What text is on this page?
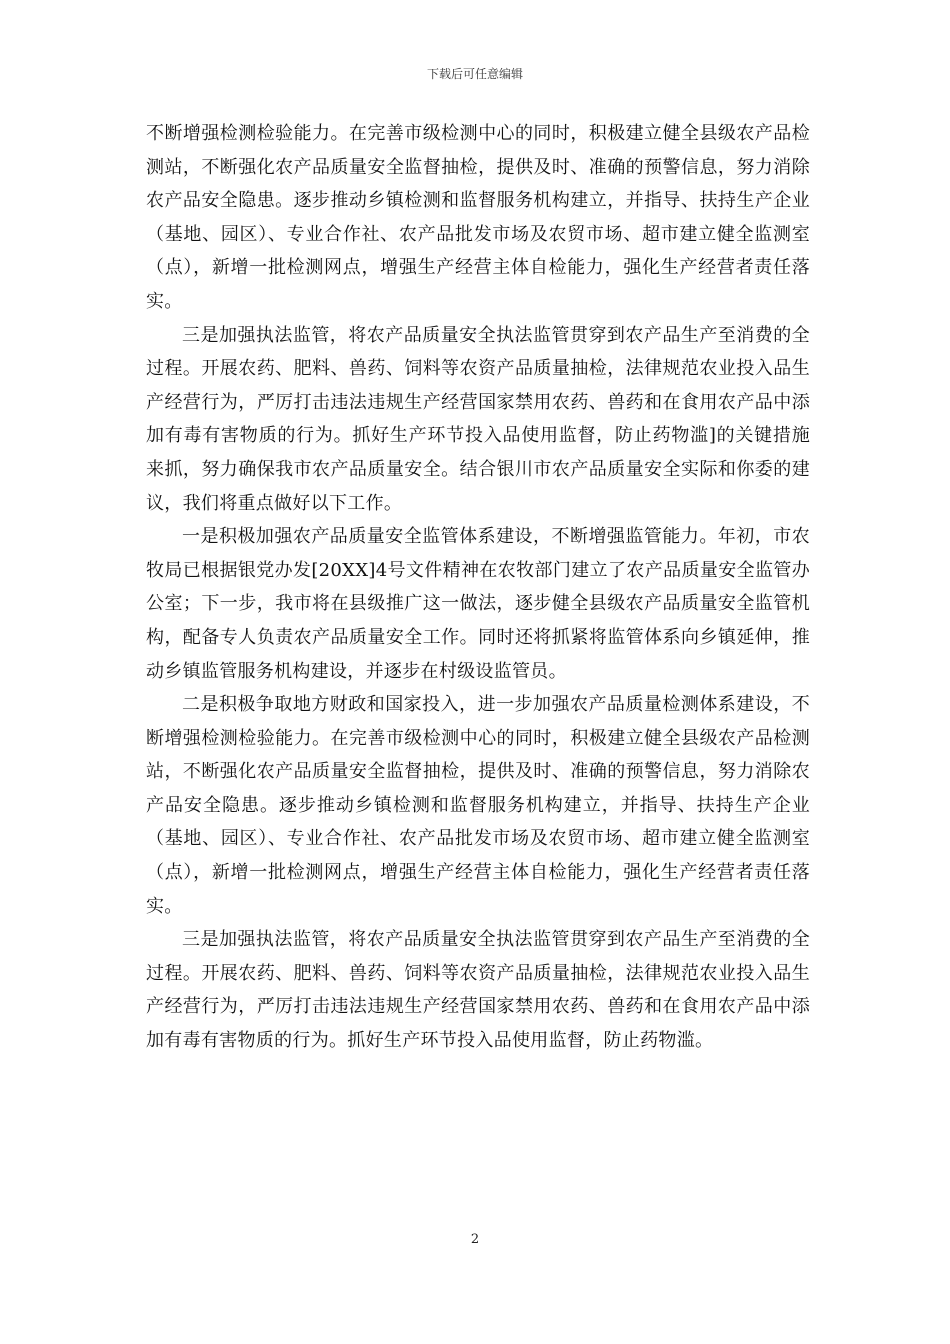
下载后可任意编辑

不断增强检测检验能力。在完善市级检测中心的同时，积极建立健全县级农产品检测站，不断强化农产品质量安全监督抽检，提供及时、准确的预警信息，努力消除农产品安全隐患。逐步推动乡镇检测和监督服务机构建立，并指导、扶持生产企业（基地、园区）、专业合作社、农产品批发市场及农贸市场、超市建立健全监测室（点），新增一批检测网点，增强生产经营主体自检能力，强化生产经营者责任落实。

三是加强执法监管，将农产品质量安全执法监管贯穿到农产品生产至消费的全过程。开展农药、肥料、兽药、饲料等农资产品质量抽检，法律规范农业投入品生产经营行为，严厉打击违法违规生产经营国家禁用农药、兽药和在食用农产品中添加有毒有害物质的行为。抓好生产环节投入品使用监督，防止药物滥]的关键措施来抓，努力确保我市农产品质量安全。结合银川市农产品质量安全实际和你委的建议，我们将重点做好以下工作。

一是积极加强农产品质量安全监管体系建设，不断增强监管能力。年初，市农牧局已根据银党办发[20XX]4号文件精神在农牧部门建立了农产品质量安全监管办公室；下一步，我市将在县级推广这一做法，逐步健全县级农产品质量安全监管机构，配备专人负责农产品质量安全工作。同时还将抓紧将监管体系向乡镇延伸，推动乡镇监管服务机构建设，并逐步在村级设监管员。

二是积极争取地方财政和国家投入，进一步加强农产品质量检测体系建设，不断增强检测检验能力。在完善市级检测中心的同时，积极建立健全县级农产品检测站，不断强化农产品质量安全监督抽检，提供及时、准确的预警信息，努力消除农产品安全隐患。逐步推动乡镇检测和监督服务机构建立，并指导、扶持生产企业（基地、园区）、专业合作社、农产品批发市场及农贸市场、超市建立健全监测室（点），新增一批检测网点，增强生产经营主体自检能力，强化生产经营者责任落实。

三是加强执法监管，将农产品质量安全执法监管贯穿到农产品生产至消费的全过程。开展农药、肥料、兽药、饲料等农资产品质量抽检，法律规范农业投入品生产经营行为，严厉打击违法违规生产经营国家禁用农药、兽药和在食用农产品中添加有毒有害物质的行为。抓好生产环节投入品使用监督，防止药物滥。

2
